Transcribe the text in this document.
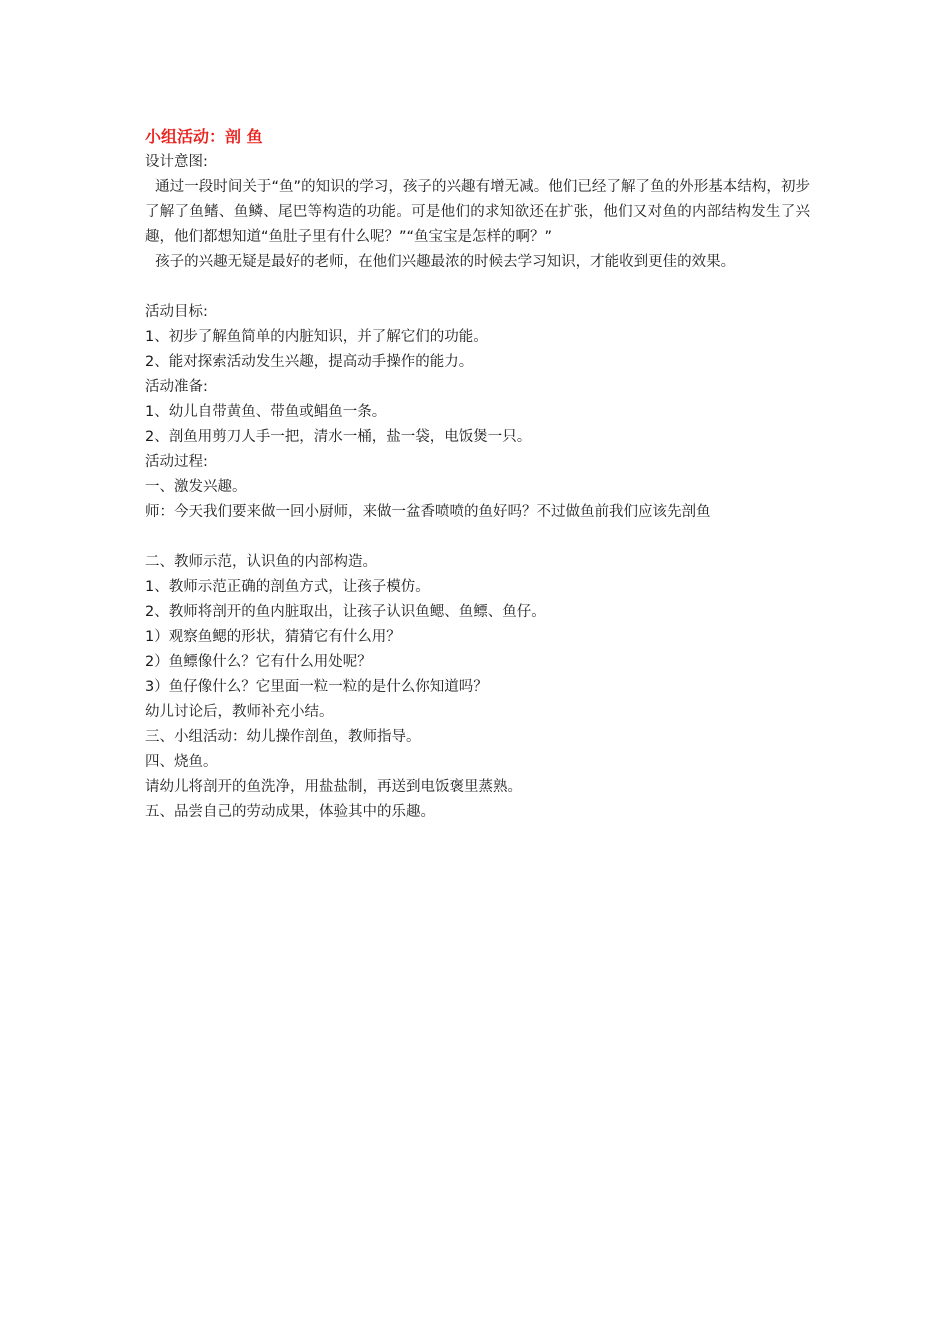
小组活动：剖 鱼

设计意图:

通过一段时间关于“鱼”的知识的学习，孩子的兴趣有增无减。他们已经了解了鱼的外形基本结构，初步了解了鱼鳍、鱼鳞、尾巴等构造的功能。可是他们的求知欲还在扩张，他们又对鱼的内部结构发生了兴趣，他们都想知道“鱼肚子里有什么呢？”“鱼宝宝是怎样的啊？”

孩子的兴趣无疑是最好的老师，在他们兴趣最浓的时候去学习知识，才能收到更佳的效果。

活动目标:

1、初步了解鱼简单的内脏知识，并了解它们的功能。

2、能对探索活动发生兴趣，提高动手操作的能力。

活动准备:

1、幼儿自带黄鱼、带鱼或鲳鱼一条。

2、剖鱼用剪刀人手一把，清水一桶，盐一袋，电饭煲一只。

活动过程:

一、激发兴趣。

师：今天我们要来做一回小厨师，来做一盆香喷喷的鱼好吗？不过做鱼前我们应该先剖鱼

二、教师示范，认识鱼的内部构造。

1、教师示范正确的剖鱼方式，让孩子模仿。

2、教师将剖开的鱼内脏取出，让孩子认识鱼鳃、鱼鳔、鱼仔。

1）观察鱼鳃的形状，猜猜它有什么用？

2）鱼鳔像什么？它有什么用处呢？

3）鱼仔像什么？它里面一粒一粒的是什么你知道吗？

幼儿讨论后，教师补充小结。

三、小组活动：幼儿操作剖鱼，教师指导。

四、烧鱼。

请幼儿将剖开的鱼洗净，用盐盐制，再送到电饭褒里蒸熟。

五、品尝自己的劳动成果，体验其中的乐趣。
